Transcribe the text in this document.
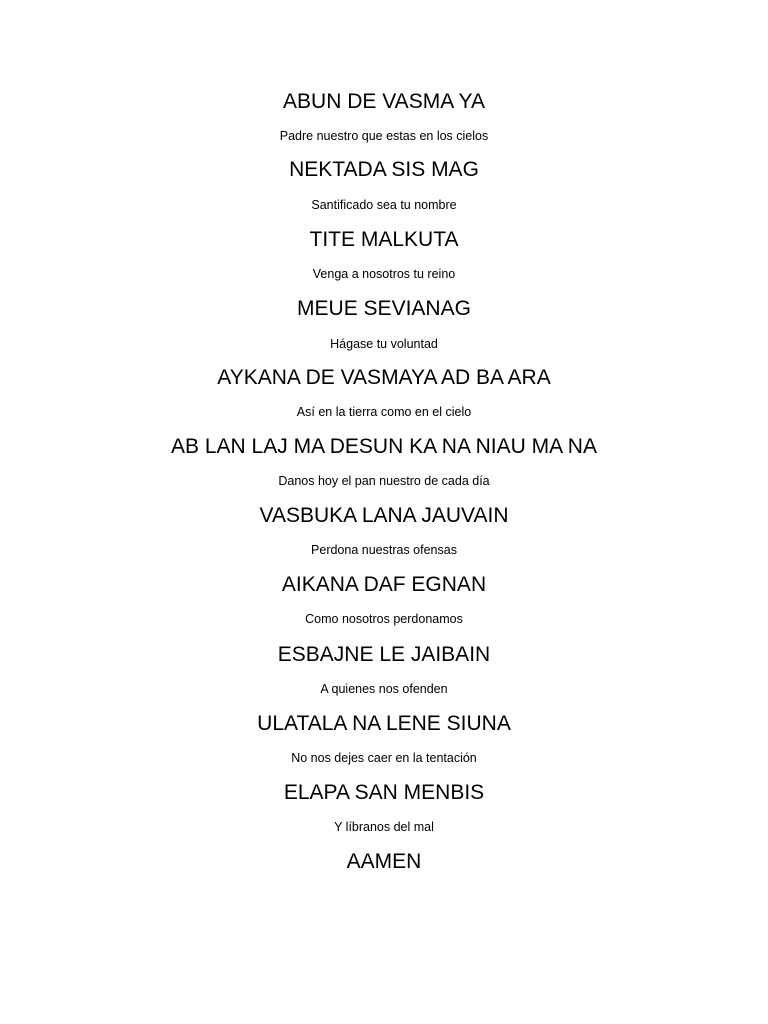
ABUN DE VASMA YA
Padre nuestro que estas en los cielos
NEKTADA SIS MAG
Santificado sea tu nombre
TITE MALKUTA
Venga a nosotros tu reino
MEUE SEVIANAG
Hágase tu voluntad
AYKANA DE VASMAYA AD BA ARA
Así en la tierra como en el cielo
AB LAN LAJ MA DESUN KA NA NIAU MA NA
Danos hoy el pan nuestro de cada día
VASBUKA LANA JAUVAIN
Perdona nuestras ofensas
AIKANA DAF EGNAN
Como nosotros perdonamos
ESBAJNE LE JAIBAIN
A quienes nos ofenden
ULATALA NA LENE SIUNA
No nos dejes caer en la tentación
ELAPA SAN MENBIS
Y líbranos del mal
AAMEN
